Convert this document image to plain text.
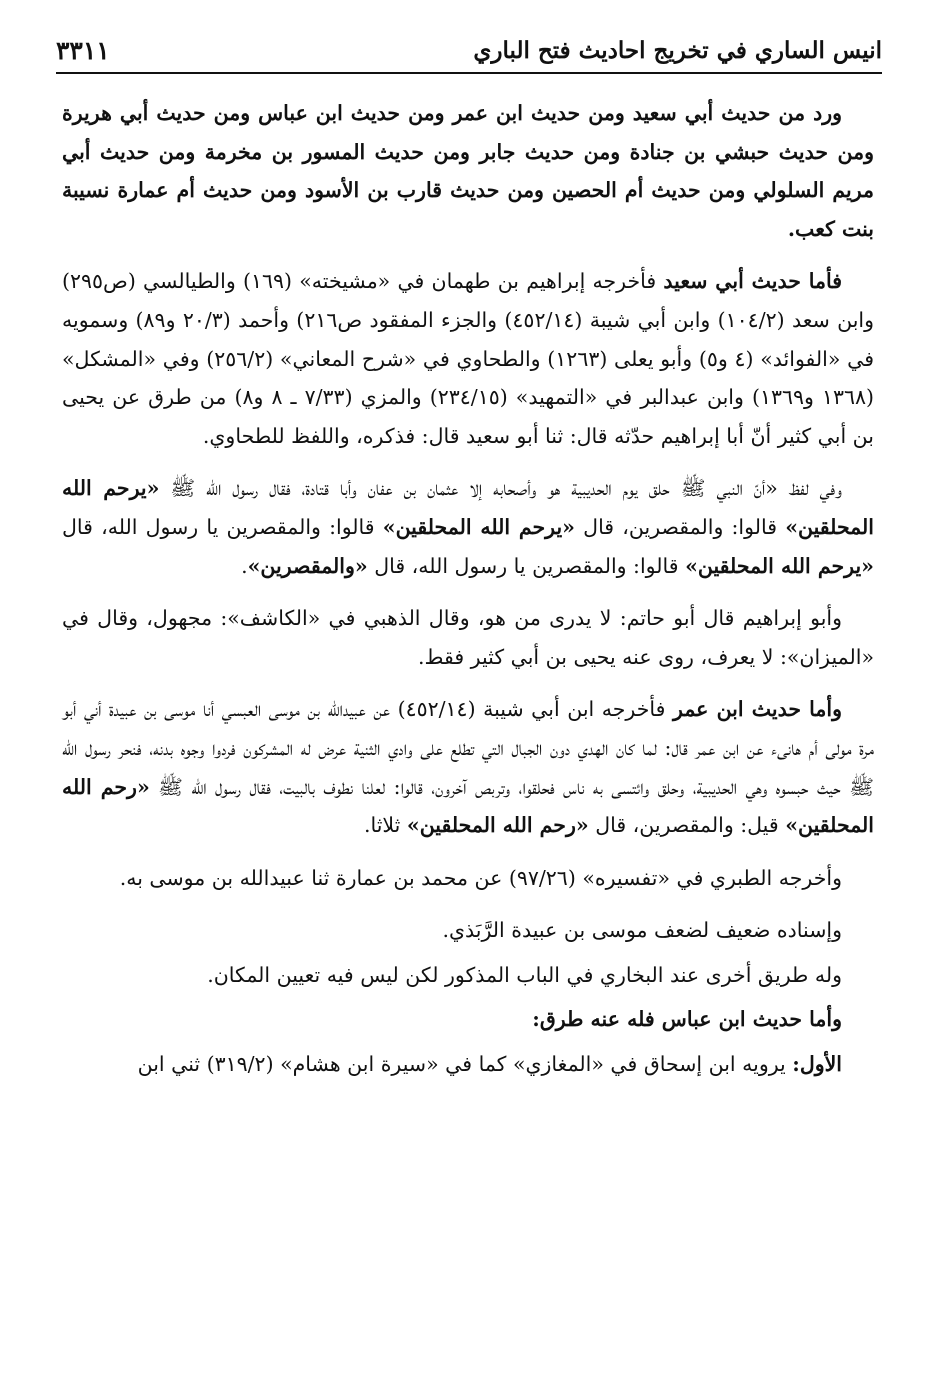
انيس الساري في تخريج احاديث فتح الباري
٣٣١١

ورد من حديث أبي سعيد ومن حديث ابن عمر ومن حديث ابن عباس ومن حديث أبي هريرة ومن حديث حبشي بن جنادة ومن حديث جابر ومن حديث المسور بن مخرمة ومن حديث أبي مريم السلولي ومن حديث أم الحصين ومن حديث قارب بن الأسود ومن حديث أم عمارة نسيبة بنت كعب.

فأما حديث أبي سعيد فأخرجه إبراهيم بن طهمان في «مشيخته» (١٦٩) والطيالسي (ص٢٩٥) وابن سعد (١٠٤/٢) وابن أبي شيبة (٤٥٢/١٤) والجزء المفقود ص٢١٦) وأحمد (٢٠/٣ و٨٩) وسمويه في «الفوائد» (٤ و٥) وأبو يعلى (١٢٦٣) والطحاوي في «شرح المعاني» (٢٥٦/٢) وفي «المشكل» (١٣٦٨ و١٣٦٩) وابن عبدالبر في «التمهيد» (٢٣٤/١٥) والمزي (٧/٣٣ ـ ٨ و٨) من طرق عن يحيى بن أبي كثير أنّ أبا إبراهيم حدّثه قال: ثنا أبو سعيد قال: فذكره، واللفظ للطحاوي.

وفي لفظ «أنّ النبي ﷺ حلق يوم الحديبية هو وأصحابه إلا عثمان بن عفان وأبا قتادة، فقال رسول الله ﷺ «يرحم الله المحلقين» قالوا: والمقصرين، قال «يرحم الله المحلقين» قالوا: والمقصرين يا رسول الله، قال «يرحم الله المحلقين» قالوا: والمقصرين يا رسول الله، قال «والمقصرين».

وأبو إبراهيم قال أبو حاتم: لا يدرى من هو، وقال الذهبي في «الكاشف»: مجهول، وقال في «الميزان»: لا يعرف، روى عنه يحيى بن أبي كثير فقط.

وأما حديث ابن عمر فأخرجه ابن أبي شيبة (٤٥٢/١٤) عن عبيدالله بن موسى العبسي أنا موسى بن عبيدة أني أبو مرة مولى أم هانىء عن ابن عمر قال: لما كان الهدي دون الجبال التي تطلع على وادي الثنية عرض له المشركون فردوا وجوه بدنه، فنحر رسول الله ﷺ حيث حبسوه وهي الحديبية، وحلق وائتسى به ناس فحلقوا، وتربص آخرون، قالوا: لعلنا نطوف بالبيت، فقال رسول الله ﷺ «رحم الله المحلقين» قيل: والمقصرين، قال «رحم الله المحلقين» ثلاثا.

وأخرجه الطبري في «تفسيره» (٩٧/٢٦) عن محمد بن عمارة ثنا عبيدالله بن موسى به.

وإسناده ضعيف لضعف موسى بن عبيدة الرَّبَذي.

وله طريق أخرى عند البخاري في الباب المذكور لكن ليس فيه تعيين المكان.

وأما حديث ابن عباس فله عنه طرق:

الأول: يرويه ابن إسحاق في «المغازي» كما في «سيرة ابن هشام» (٣١٩/٢) ثني ابن
